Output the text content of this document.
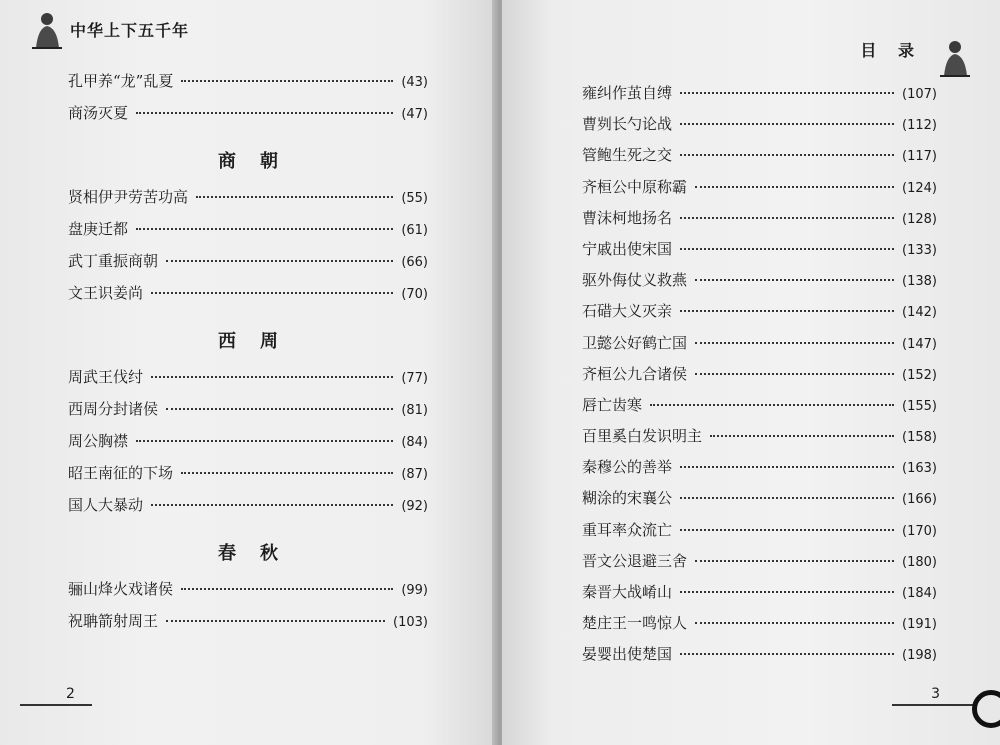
中华上下五千年
孔甲养“龙”乱夏	(43)
商汤灭夏	(47)
商朝
贤相伊尹劳苦功高	(55)
盘庚迁都	(61)
武丁重振商朝	(66)
文王识姜尚	(70)
西周
周武王伐纣	(77)
西周分封诸侯	(81)
周公胸襟	(84)
昭王南征的下场	(87)
国人大暴动	(92)
春秋
骊山烽火戏诸侯	(99)
祝聃箭射周王	(103)
2
目 录
雍纠作茧自缚	(107)
曹刿长勺论战	(112)
管鲍生死之交	(117)
齐桓公中原称霸	(124)
曹沫柯地扬名	(128)
宁戚出使宋国	(133)
驱外侮仗义救燕	(138)
石碏大义灭亲	(142)
卫懿公好鹤亡国	(147)
齐桓公九合诸侯	(152)
唇亡齿寒	(155)
百里奚白发识明主	(158)
秦穆公的善举	(163)
糊涂的宋襄公	(166)
重耳率众流亡	(170)
晋文公退避三舍	(180)
秦晋大战崤山	(184)
楚庄王一鸣惊人	(191)
晏婴出使楚国	(198)
3
